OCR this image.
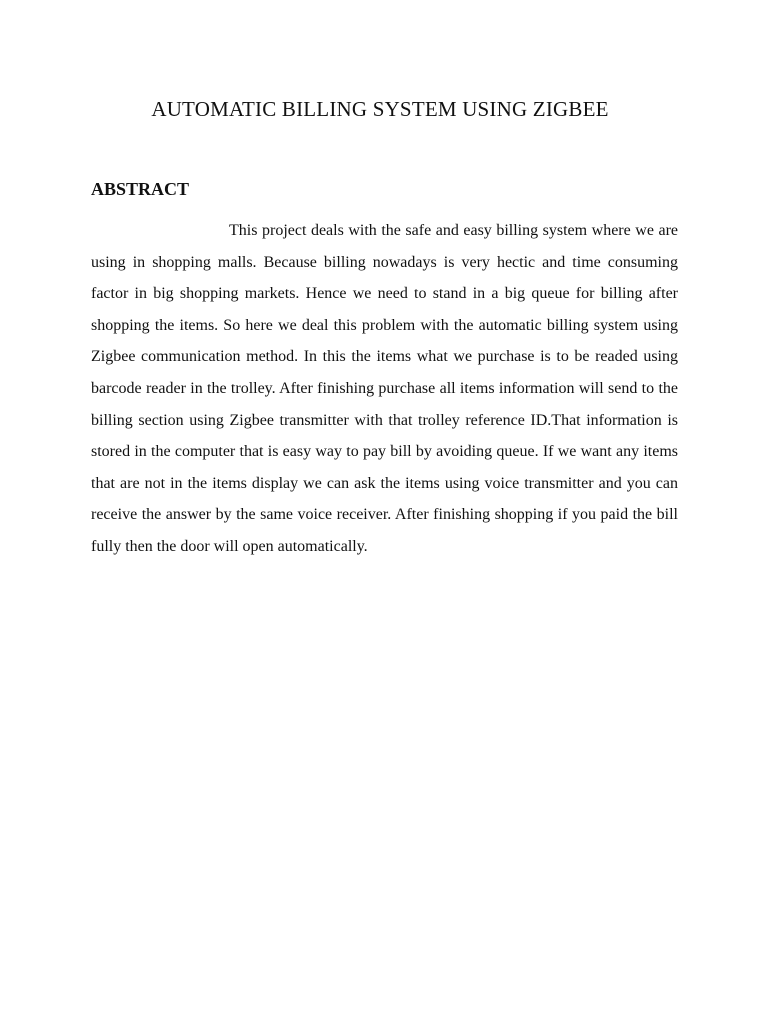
AUTOMATIC BILLING SYSTEM USING ZIGBEE
ABSTRACT

This project deals with the safe and easy billing system where we are using in shopping malls. Because billing nowadays is very hectic and time consuming factor in big shopping markets. Hence we need to stand in a big queue for billing after shopping the items. So here we deal this problem with the automatic billing system using Zigbee communication method. In this the items what we purchase is to be readed using barcode reader in the trolley. After finishing purchase all items information will send to the billing section using Zigbee transmitter with that trolley reference ID.That information is stored in the computer that is easy way to pay bill by avoiding queue. If we want any items that are not in the items display we can ask the items using voice transmitter and you can receive the answer by the same voice receiver. After finishing shopping if you paid the bill fully then the door will open automatically.
